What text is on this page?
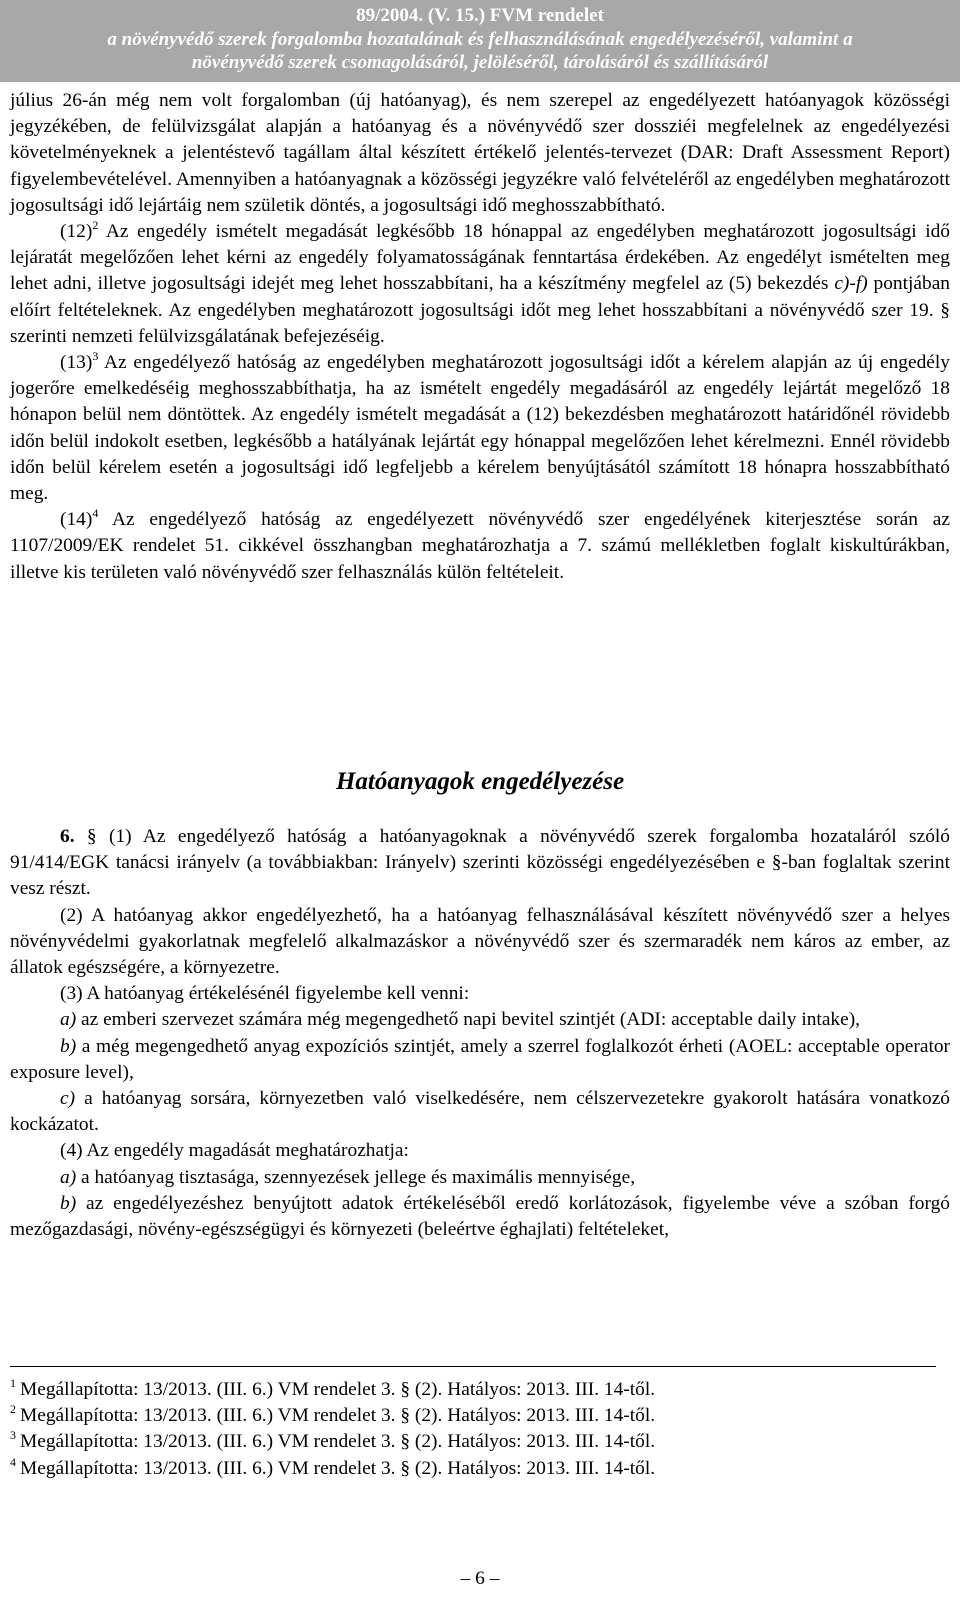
89/2004. (V. 15.) FVM rendelet
a növényvédő szerek forgalomba hozatalának és felhasználásának engedélyezéséről, valamint a
növényvédő szerek csomagolásáról, jelöléséről, tárolásáról és szállításáról

július 26-án még nem volt forgalomban (új hatóanyag), és nem szerepel az engedélyezett hatóanyagok közösségi jegyzékében, de felülvizsgálat alapján a hatóanyag és a növényvédő szer dossziéi megfelelnek az engedélyezési követelményeknek a jelentéstevő tagállam által készített értékelő jelentés-tervezet (DAR: Draft Assessment Report) figyelembevételével. Amennyiben a hatóanyagnak a közösségi jegyzékre való felvételéről az engedélyben meghatározott jogosultsági idő lejártáig nem születik döntés, a jogosultsági idő meghosszabbítható.

$(12)^2$ Az engedély ismételt megadását legkésőbb 18 hónappal az engedélyben meghatározott jogosultsági idő lejáratát megelőzően lehet kérni az engedély folyamatosságának fenntartása érdekében. Az engedélyt ismételten meg lehet adni, illetve jogosultsági idejét meg lehet hosszabbítani, ha a készítmény megfelel az (5) bekezdés c)-f) pontjában előírt feltételeknek. Az engedélyben meghatározott jogosultsági időt meg lehet hosszabbítani a növényvédő szer 19. § szerinti nemzeti felülvizsgálatának befejezéséig.

$(13)^3$ Az engedélyező hatóság az engedélyben meghatározott jogosultsági időt a kérelem alapján az új engedély jogerőre emelkedéséig meghosszabbíthatja, ha az ismételt engedély megadásáról az engedély lejártát megelőző 18 hónapon belül nem döntöttek. Az engedély ismételt megadását a (12) bekezdésben meghatározott határidőnél rövidebb időn belül indokolt esetben, legkésőbb a hatályának lejártát egy hónappal megelőzően lehet kérelmezni. Ennél rövidebb időn belül kérelem esetén a jogosultsági idő legfeljebb a kérelem benyújtásától számított 18 hónapra hosszabbítható meg.

$(14)^4$ Az engedélyező hatóság az engedélyezett növényvédő szer engedélyének kiterjesztése során az 1107/2009/EK rendelet 51. cikkével összhangban meghatározhatja a 7. számú mellékletben foglalt kiskultúrákban, illetve kis területen való növényvédő szer felhasználás külön feltételeit.

Hatóanyagok engedélyezése

6. § (1) Az engedélyező hatóság a hatóanyagoknak a növényvédő szerek forgalomba hozataláról szóló 91/414/EGK tanácsi irányelv (a továbbiakban: Irányelv) szerinti közösségi engedélyezésében e §-ban foglaltak szerint vesz részt.

(2) A hatóanyag akkor engedélyezhető, ha a hatóanyag felhasználásával készített növényvédő szer a helyes növényvédelmi gyakorlatnak megfelelő alkalmazáskor a növényvédő szer és szermaradék nem káros az ember, az állatok egészségére, a környezetre.

(3) A hatóanyag értékelésénél figyelembe kell venni:

a) az emberi szervezet számára még megengedhető napi bevitel szintjét (ADI: acceptable daily intake),

b) a még megengedhető anyag expozíciós szintjét, amely a szerrel foglalkozót érheti (AOEL: acceptable operator exposure level),

c) a hatóanyag sorsára, környezetben való viselkedésére, nem célszervezetekre gyakorolt hatására vonatkozó kockázatot.

(4) Az engedély magadását meghatározhatja:

a) a hatóanyag tisztasága, szennyezések jellege és maximális mennyisége,

b) az engedélyezéshez benyújtott adatok értékeléséből eredő korlátozások, figyelembe véve a szóban forgó mezőgazdasági, növény-egészségügyi és környezeti (beleértve éghajlati) feltételeket,

$^1$ Megállapította: 13/2013. (III. 6.) VM rendelet 3. § (2). Hatályos: 2013. III. 14-től.
$^2$ Megállapította: 13/2013. (III. 6.) VM rendelet 3. § (2). Hatályos: 2013. III. 14-től.
$^3$ Megállapította: 13/2013. (III. 6.) VM rendelet 3. § (2). Hatályos: 2013. III. 14-től.
$^4$ Megállapította: 13/2013. (III. 6.) VM rendelet 3. § (2). Hatályos: 2013. III. 14-től.
– 6 –
